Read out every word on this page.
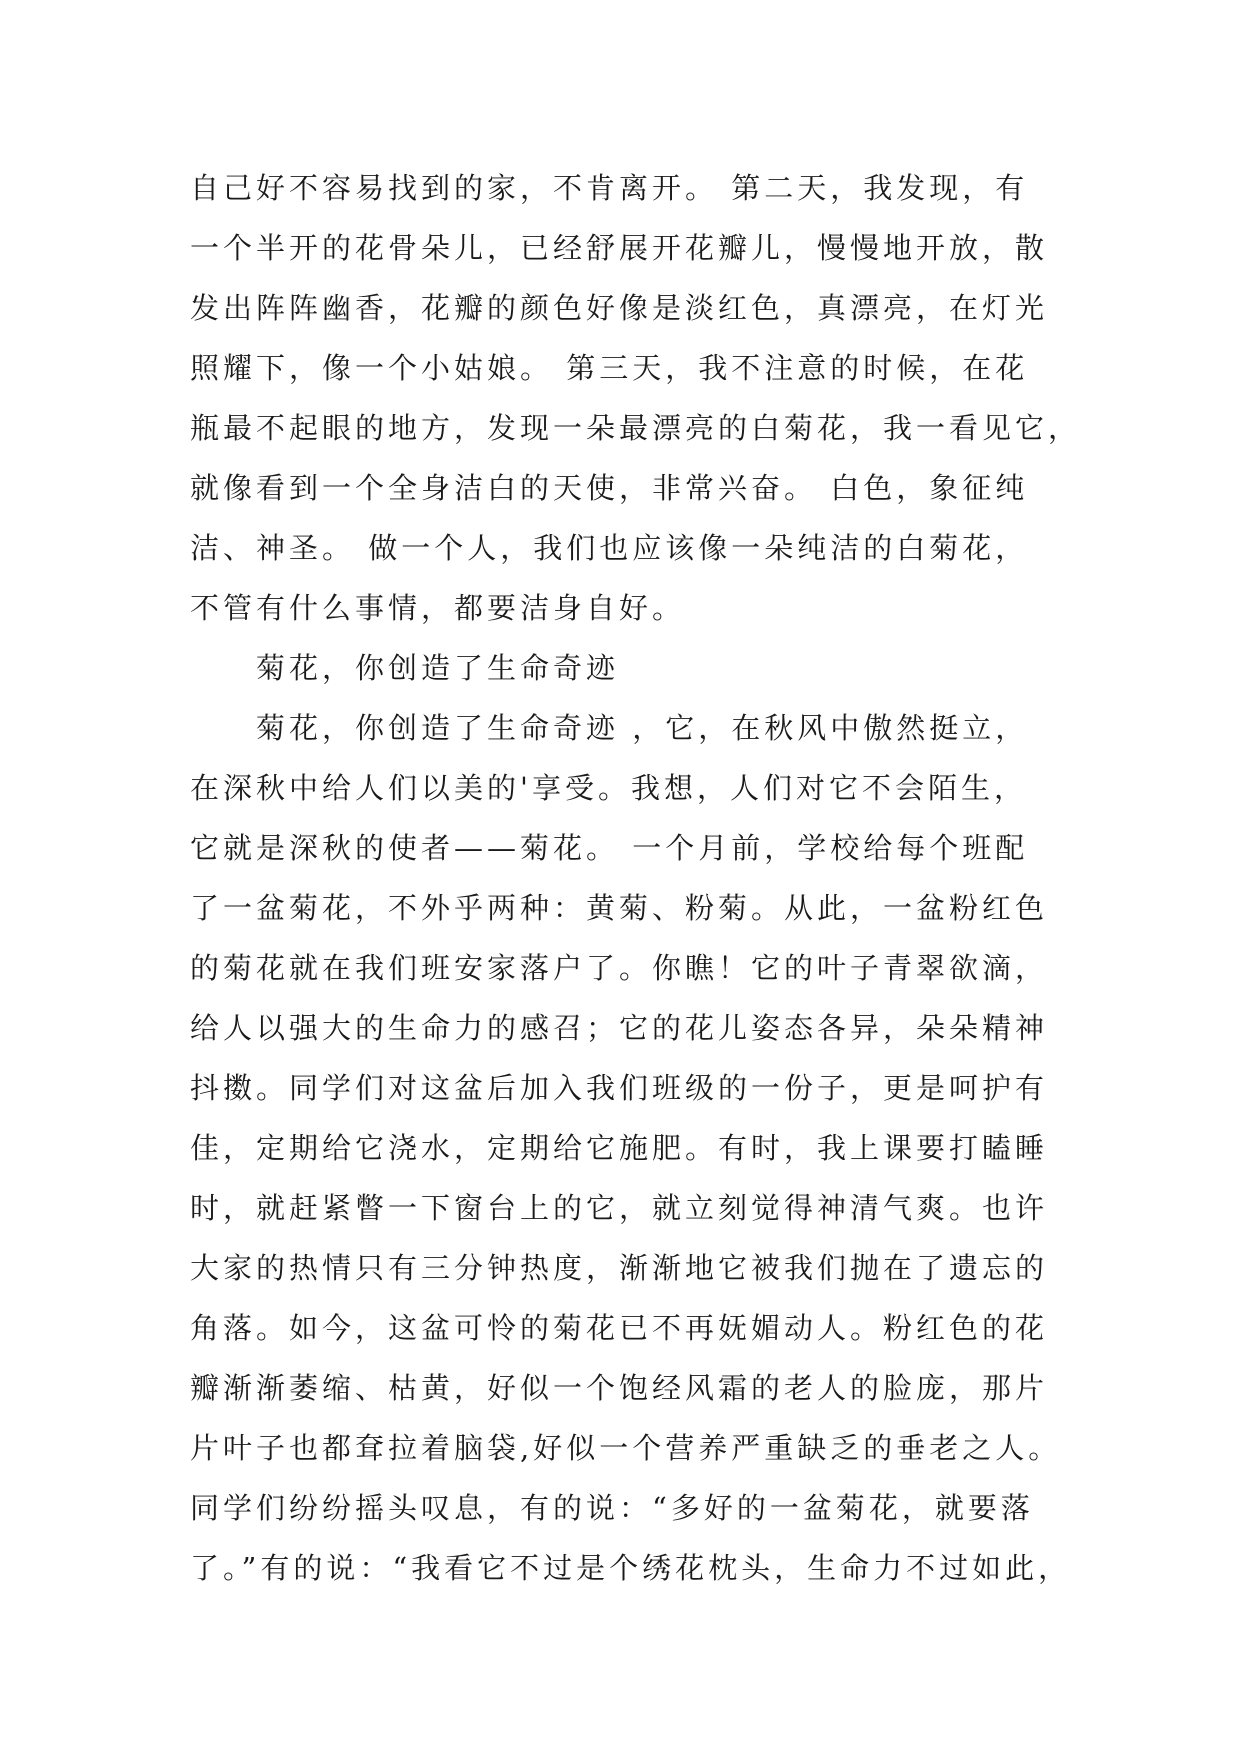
自己好不容易找到的家，不肯离开。 第二天，我发现，有
一个半开的花骨朵儿，已经舒展开花瓣儿，慢慢地开放，散
发出阵阵幽香，花瓣的颜色好像是淡红色，真漂亮，在灯光
照耀下，像一个小姑娘。 第三天，我不注意的时候，在花
瓶最不起眼的地方，发现一朵最漂亮的白菊花，我一看见它，
就像看到一个全身洁白的天使，非常兴奋。 白色，象征纯
洁、神圣。 做一个人，我们也应该像一朵纯洁的白菊花，
不管有什么事情，都要洁身自好。
菊花，你创造了生命奇迹
菊花，你创造了生命奇迹 ，它，在秋风中傲然挺立，
在深秋中给人们以美的'享受。我想，人们对它不会陌生，
它就是深秋的使者——菊花。 一个月前，学校给每个班配
了一盆菊花，不外乎两种：黄菊、粉菊。从此，一盆粉红色
的菊花就在我们班安家落户了。你瞧！它的叶子青翠欲滴，
给人以强大的生命力的感召；它的花儿姿态各异，朵朵精神
抖擞。同学们对这盆后加入我们班级的一份子，更是呵护有
佳，定期给它浇水，定期给它施肥。有时，我上课要打瞌睡
时，就赶紧瞥一下窗台上的它，就立刻觉得神清气爽。也许
大家的热情只有三分钟热度，渐渐地它被我们抛在了遗忘的
角落。如今，这盆可怜的菊花已不再妩媚动人。粉红色的花
瓣渐渐萎缩、枯黄，好似一个饱经风霜的老人的脸庞，那片
片叶子也都耷拉着脑袋,好似一个营养严重缺乏的垂老之人。
同学们纷纷摇头叹息，有的说：“多好的一盆菊花，就要落
了。”有的说：“我看它不过是个绣花枕头，生命力不过如此，
